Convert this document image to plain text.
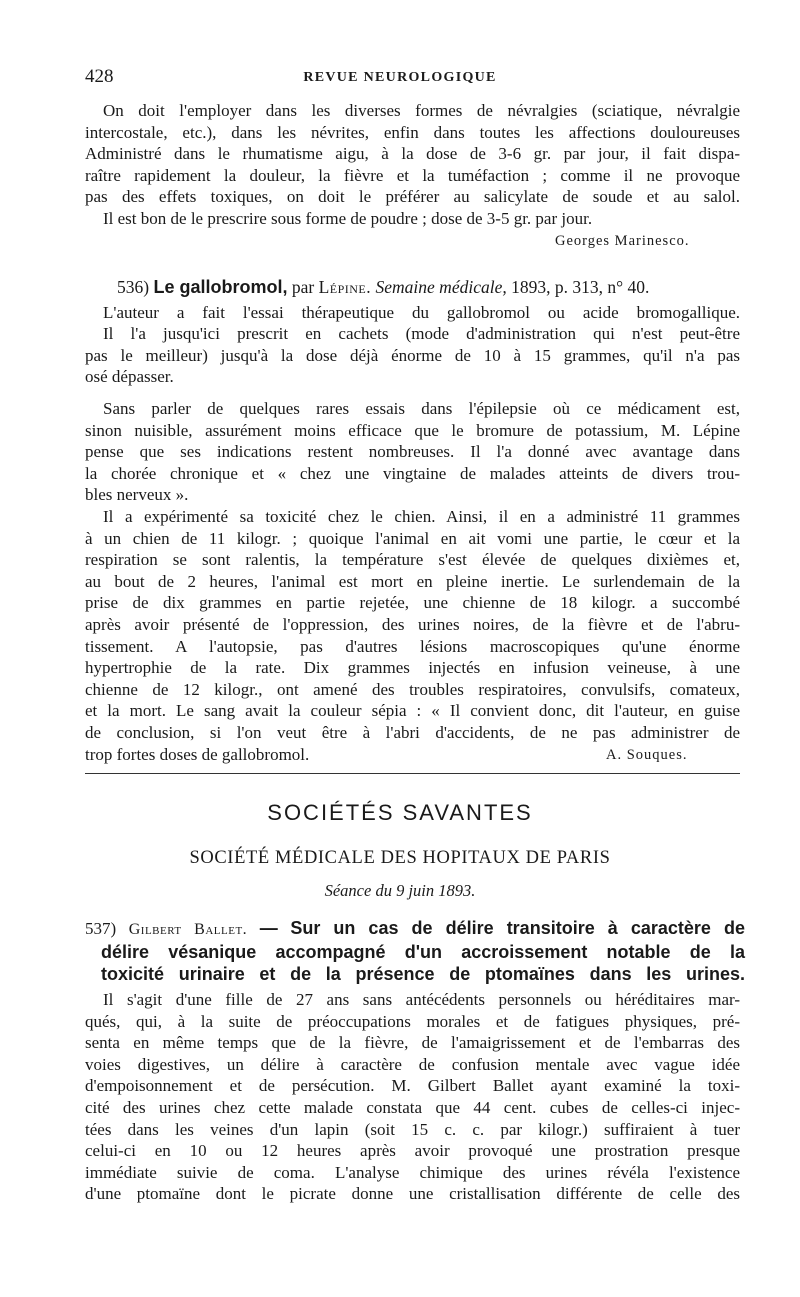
428	REVUE NEUROLOGIQUE
On doit l'employer dans les diverses formes de névralgies (sciatique, névralgie
intercostale, etc.), dans les névrites, enfin dans toutes les affections douloureuses
Administré dans le rhumatisme aigu, à la dose de 3-6 gr. par jour, il fait dispa-
raître rapidement la douleur, la fièvre et la tuméfaction ; comme il ne provoque
pas des effets toxiques, on doit le préférer au salicylate de soude et au salol.
Il est bon de le prescrire sous forme de poudre ; dose de 3-5 gr. par jour.
Georges Marinesco.
536) Le gallobromol, par Lépine. Semaine médicale, 1893, p. 313, n° 40.
L'auteur a fait l'essai thérapeutique du gallobromol ou acide bromogallique.
Il l'a jusqu'ici prescrit en cachets (mode d'administration qui n'est peut-être
pas le meilleur) jusqu'à la dose déjà énorme de 10 à 15 grammes, qu'il n'a pas
osé dépasser.
Sans parler de quelques rares essais dans l'épilepsie où ce médicament est,
sinon nuisible, assurément moins efficace que le bromure de potassium, M. Lépine
pense que ses indications restent nombreuses. Il l'a donné avec avantage dans
la chorée chronique et « chez une vingtaine de malades atteints de divers trou-
bles nerveux ».
Il a expérimenté sa toxicité chez le chien. Ainsi, il en a administré 11 grammes
à un chien de 11 kilogr. ; quoique l'animal en ait vomi une partie, le cœur et la
respiration se sont ralentis, la température s'est élevée de quelques dixièmes et,
au bout de 2 heures, l'animal est mort en pleine inertie. Le surlendemain de la
prise de dix grammes en partie rejetée, une chienne de 18 kilogr. a succombé
après avoir présenté de l'oppression, des urines noires, de la fièvre et de l'abru-
tissement. A l'autopsie, pas d'autres lésions macroscopiques qu'une énorme
hypertrophie de la rate. Dix grammes injectés en infusion veineuse, à une
chienne de 12 kilogr., ont amené des troubles respiratoires, convulsifs, comateux,
et la mort. Le sang avait la couleur sépia : « Il convient donc, dit l'auteur, en guise
de conclusion, si l'on veut être à l'abri d'accidents, de ne pas administrer de
trop fortes doses de gallobromol.	A. Souques.
SOCIÉTÉS SAVANTES
SOCIÉTÉ MÉDICALE DES HOPITAUX DE PARIS
Séance du 9 juin 1893.
537) Gilbert Ballet. — Sur un cas de délire transitoire à caractère de
délire vésanique accompagné d'un accroissement notable de la
toxicité urinaire et de la présence de ptomaïnes dans les urines.
Il s'agit d'une fille de 27 ans sans antécédents personnels ou héréditaires mar-
qués, qui, à la suite de préoccupations morales et de fatigues physiques, pré-
senta en même temps que de la fièvre, de l'amaigrissement et de l'embarras des
voies digestives, un délire à caractère de confusion mentale avec vague idée
d'empoisonnement et de persécution. M. Gilbert Ballet ayant examiné la toxi-
cité des urines chez cette malade constata que 44 cent. cubes de celles-ci injec-
tées dans les veines d'un lapin (soit 15 c. c. par kilogr.) suffiraient à tuer
celui-ci en 10 ou 12 heures après avoir provoqué une prostration presque
immédiate suivie de coma. L'analyse chimique des urines révéla l'existence
d'une ptomaïne dont le picrate donne une cristallisation différente de celle des
